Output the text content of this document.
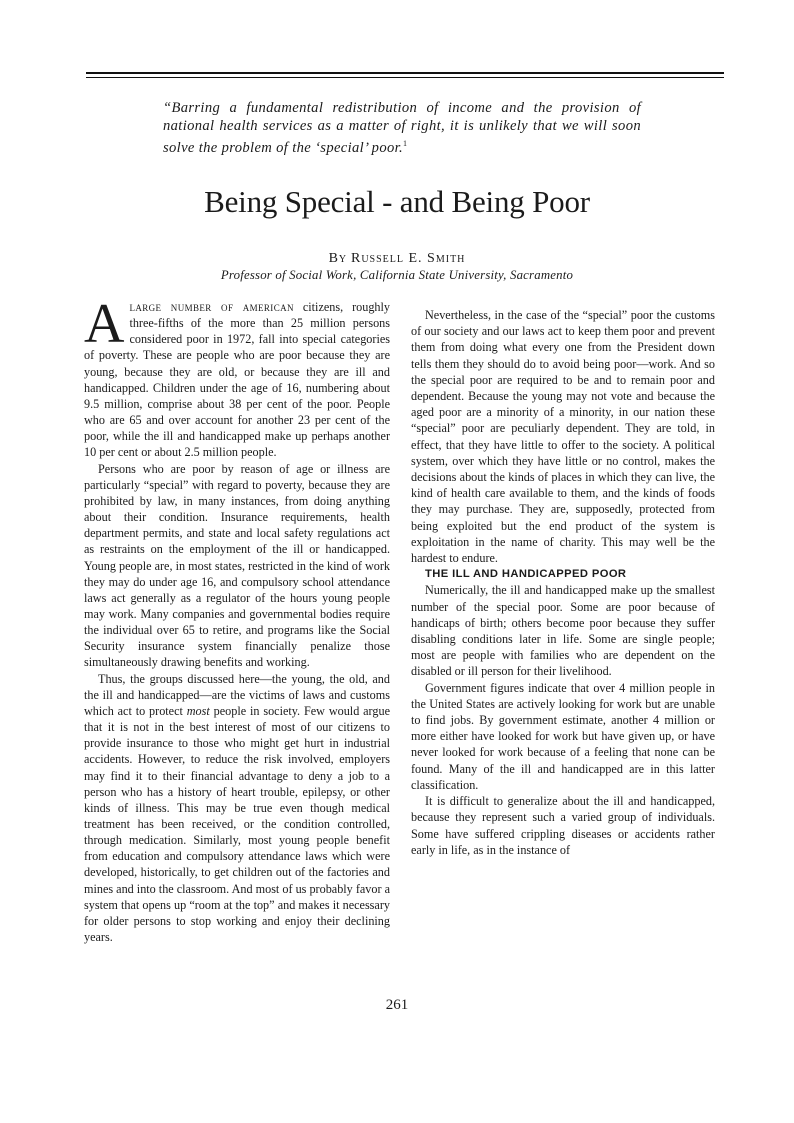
“Barring a fundamental redistribution of income and the provision of national health services as a matter of right, it is unlikely that we will soon solve the problem of the ‘special’ poor.$^1$
Being Special - and Being Poor
By Russell E. Smith
Professor of Social Work, California State University, Sacramento

Alarge number of american citizens, roughly three-fifths of the more than 25 million persons considered poor in 1972, fall into special categories of poverty. These are people who are poor because they are young, because they are old, or because they are ill and handicapped. Children under the age of 16, numbering about 9.5 million, comprise about 38 per cent of the poor. People who are 65 and over account for another 23 per cent of the poor, while the ill and handicapped make up perhaps another 10 per cent or about 2.5 million people.

Persons who are poor by reason of age or illness are particularly “special” with regard to poverty, because they are prohibited by law, in many instances, from doing anything about their condition. Insurance requirements, health department permits, and state and local safety regulations act as restraints on the employment of the ill or handicapped. Young people are, in most states, restricted in the kind of work they may do under age 16, and compulsory school attendance laws act generally as a regulator of the hours young people may work. Many companies and governmental bodies require the individual over 65 to retire, and programs like the Social Security insurance system financially penalize those simultaneously drawing benefits and working.

Thus, the groups discussed here—the young, the old, and the ill and handicapped—are the victims of laws and customs which act to protect most people in society. Few would argue that it is not in the best interest of most of our citizens to provide insurance to those who might get hurt in industrial accidents. However, to reduce the risk involved, employers may find it to their financial advantage to deny a job to a person who has a history of heart trouble, epilepsy, or other kinds of illness. This may be true even though medical treatment has been received, or the condition controlled, through medication. Similarly, most young people benefit from education and compulsory attendance laws which were developed, historically, to get children out of the factories and mines and into the classroom. And most of us probably favor a system that opens up “room at the top” and makes it necessary for older persons to stop working and enjoy their declining years.

Nevertheless, in the case of the “special” poor the customs of our society and our laws act to keep them poor and prevent them from doing what every one from the President down tells them they should do to avoid being poor—work. And so the special poor are required to be and to remain poor and dependent. Because the young may not vote and because the aged poor are a minority of a minority, in our nation these “special” poor are peculiarly dependent. They are told, in effect, that they have little to offer to the society. A political system, over which they have little or no control, makes the decisions about the kinds of places in which they can live, the kind of health care available to them, and the kinds of foods they may purchase. They are, supposedly, protected from being exploited but the end product of the system is exploitation in the name of charity. This may well be the hardest to endure.

THE ILL AND HANDICAPPED POOR

Numerically, the ill and handicapped make up the smallest number of the special poor. Some are poor because of handicaps of birth; others become poor because they suffer disabling conditions later in life. Some are single people; most are people with families who are dependent on the disabled or ill person for their livelihood.

Government figures indicate that over 4 million people in the United States are actively looking for work but are unable to find jobs. By government estimate, another 4 million or more either have looked for work but have given up, or have never looked for work because of a feeling that none can be found. Many of the ill and handicapped are in this latter classification.

It is difficult to generalize about the ill and handicapped, because they represent such a varied group of individuals. Some have suffered crippling diseases or accidents rather early in life, as in the instance of

261
